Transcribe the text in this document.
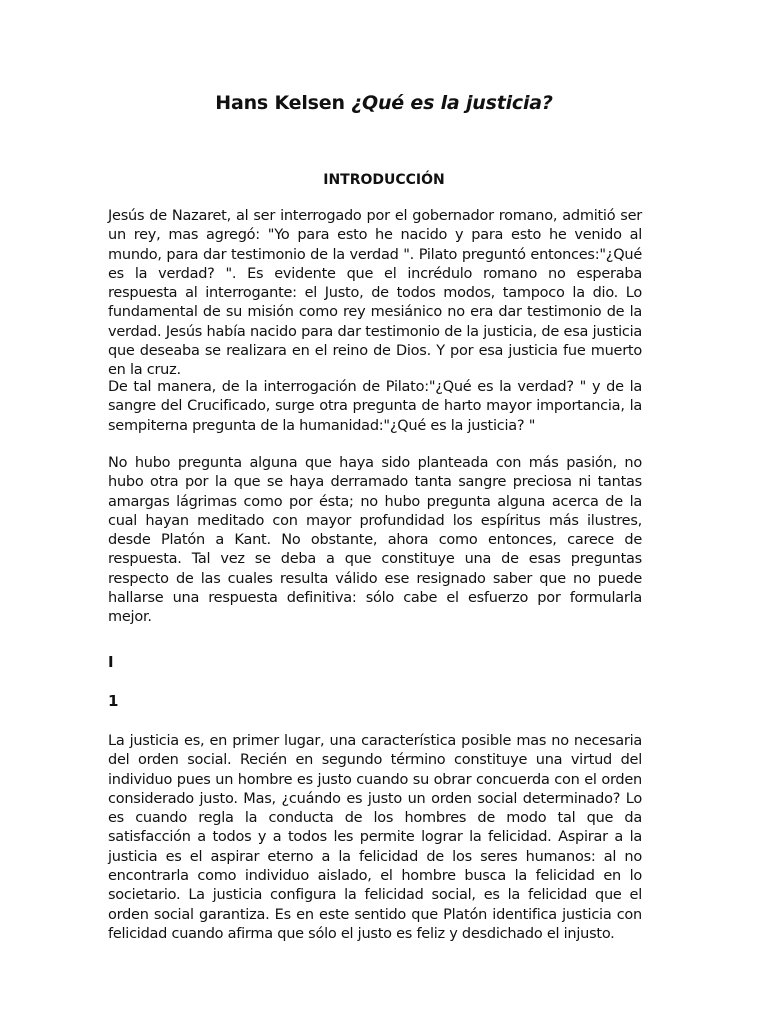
Hans Kelsen ¿Qué es la justicia?
INTRODUCCIÓN

Jesús de Nazaret, al ser interrogado por el gobernador romano, admitió ser un rey, mas agregó: "Yo para esto he nacido y para esto he venido al mundo, para dar testimonio de la verdad ". Pilato preguntó entonces:"¿Qué es la verdad? ". Es evidente que el incrédulo romano no esperaba respuesta al interrogante: el Justo, de todos modos, tampoco la dio. Lo fundamental de su misión como rey mesiánico no era dar testimonio de la verdad. Jesús había nacido para dar testimonio de la justicia, de esa justicia que deseaba se realizara en el reino de Dios. Y por esa justicia fue muerto en la cruz.

De tal manera, de la interrogación de Pilato:"¿Qué es la verdad? " y de la sangre del Crucificado, surge otra pregunta de harto mayor importancia, la sempiterna pregunta de la humanidad:"¿Qué es la justicia? "

No hubo pregunta alguna que haya sido planteada con más pasión, no hubo otra por la que se haya derramado tanta sangre preciosa ni tantas amargas lágrimas como por ésta; no hubo pregunta alguna acerca de la cual hayan meditado con mayor profundidad los espíritus más ilustres, desde Platón a Kant. No obstante, ahora como entonces, carece de respuesta. Tal vez se deba a que constituye una de esas preguntas respecto de las cuales resulta válido ese resignado saber que no puede hallarse una respuesta definitiva: sólo cabe el esfuerzo por formularla mejor.

I
1

La justicia es, en primer lugar, una característica posible mas no necesaria del orden social. Recién en segundo término constituye una virtud del individuo pues un hombre es justo cuando su obrar concuerda con el orden considerado justo. Mas, ¿cuándo es justo un orden social determinado? Lo es cuando regla la conducta de los hombres de modo tal que da satisfacción a todos y a todos les permite lograr la felicidad. Aspirar a la justicia es el aspirar eterno a la felicidad de los seres humanos: al no encontrarla como individuo aislado, el hombre busca la felicidad en lo societario. La justicia configura la felicidad social, es la felicidad que el orden social garantiza. Es en este sentido que Platón identifica justicia con felicidad cuando afirma que sólo el justo es feliz y desdichado el injusto.
